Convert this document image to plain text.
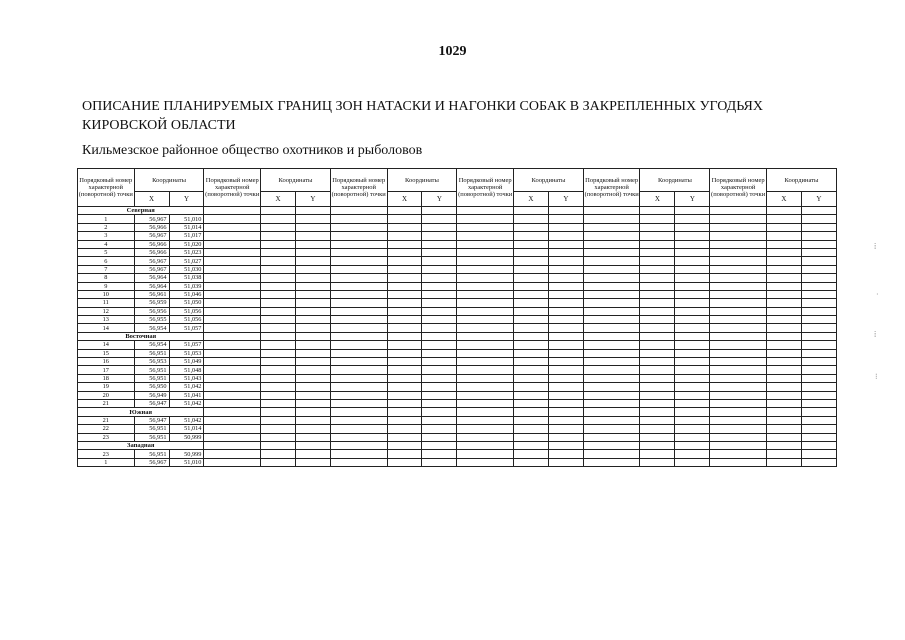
1029
ОПИСАНИЕ ПЛАНИРУЕМЫХ ГРАНИЦ ЗОН НАТАСКИ И НАГОНКИ СОБАК В ЗАКРЕПЛЕННЫХ УГОДЬЯХ КИРОВСКОЙ ОБЛАСТИ
Кильмезское районное общество охотников и рыболовов
Порядковый номер характерной (поворотной) точки	Координаты		Порядковый номер характерной (поворотной) точки	Координаты		Порядковый номер характерной (поворотной) точки	Координаты		Порядковый номер характерной (поворотной) точки	Координаты		Порядковый номер характерной (поворотной) точки	Координаты		Порядковый номер характерной (поворотной) точки	Координаты	
	X	Y		X	Y		X	Y		X	Y		X	Y		X	Y
Северная																	
1	56,967	51,010															
2	56,966	51,014															
3	56,967	51,017															
4	56,966	51,020															
5	56,966	51,023															
6	56,967	51,027															
7	56,967	51,030															
8	56,964	51,038															
9	56,964	51,039															
10	56,961	51,046															
11	56,959	51,050															
12	56,956	51,056															
13	56,955	51,056															
14	56,954	51,057															
Восточная																	
14	56,954	51,057															
15	56,951	51,053															
16	56,953	51,049															
17	56,951	51,048															
18	56,951	51,043															
19	56,950	51,042															
20	56,949	51,041															
21	56,947	51,042															
Южная																	
21	56,947	51,042															
22	56,951	51,014															
23	56,951	50,999															
Западная																	
23	56,951	50,999															
1	56,967	51,010															
⁞
·
⁞
⁝
